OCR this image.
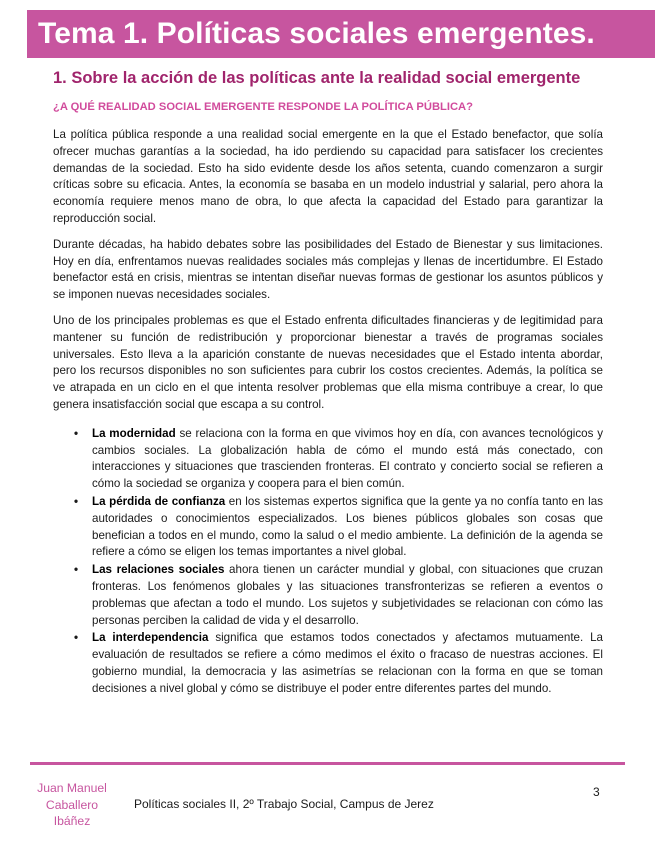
Tema 1. Políticas sociales emergentes.
1. Sobre la acción de las políticas ante la realidad social emergente
¿A QUÉ REALIDAD SOCIAL EMERGENTE RESPONDE LA POLÍTICA PÚBLICA?

La política pública responde a una realidad social emergente en la que el Estado benefactor, que solía ofrecer muchas garantías a la sociedad, ha ido perdiendo su capacidad para satisfacer los crecientes demandas de la sociedad. Esto ha sido evidente desde los años setenta, cuando comenzaron a surgir críticas sobre su eficacia. Antes, la economía se basaba en un modelo industrial y salarial, pero ahora la economía requiere menos mano de obra, lo que afecta la capacidad del Estado para garantizar la reproducción social.

Durante décadas, ha habido debates sobre las posibilidades del Estado de Bienestar y sus limitaciones. Hoy en día, enfrentamos nuevas realidades sociales más complejas y llenas de incertidumbre. El Estado benefactor está en crisis, mientras se intentan diseñar nuevas formas de gestionar los asuntos públicos y se imponen nuevas necesidades sociales.

Uno de los principales problemas es que el Estado enfrenta dificultades financieras y de legitimidad para mantener su función de redistribución y proporcionar bienestar a través de programas sociales universales. Esto lleva a la aparición constante de nuevas necesidades que el Estado intenta abordar, pero los recursos disponibles no son suficientes para cubrir los costos crecientes. Además, la política se ve atrapada en un ciclo en el que intenta resolver problemas que ella misma contribuye a crear, lo que genera insatisfacción social que escapa a su control.

• La modernidad se relaciona con la forma en que vivimos hoy en día, con avances tecnológicos y cambios sociales. La globalización habla de cómo el mundo está más conectado, con interacciones y situaciones que trascienden fronteras. El contrato y concierto social se refieren a cómo la sociedad se organiza y coopera para el bien común.
• La pérdida de confianza en los sistemas expertos significa que la gente ya no confía tanto en las autoridades o conocimientos especializados. Los bienes públicos globales son cosas que benefician a todos en el mundo, como la salud o el medio ambiente. La definición de la agenda se refiere a cómo se eligen los temas importantes a nivel global.
• Las relaciones sociales ahora tienen un carácter mundial y global, con situaciones que cruzan fronteras. Los fenómenos globales y las situaciones transfronterizas se refieren a eventos o problemas que afectan a todo el mundo. Los sujetos y subjetividades se relacionan con cómo las personas perciben la calidad de vida y el desarrollo.
• La interdependencia significa que estamos todos conectados y afectamos mutuamente. La evaluación de resultados se refiere a cómo medimos el éxito o fracaso de nuestras acciones. El gobierno mundial, la democracia y las asimetrías se relacionan con la forma en que se toman decisiones a nivel global y cómo se distribuye el poder entre diferentes partes del mundo.
Juan Manuel
Caballero
Ibáñez
Políticas sociales II, 2º Trabajo Social, Campus de Jerez
3
